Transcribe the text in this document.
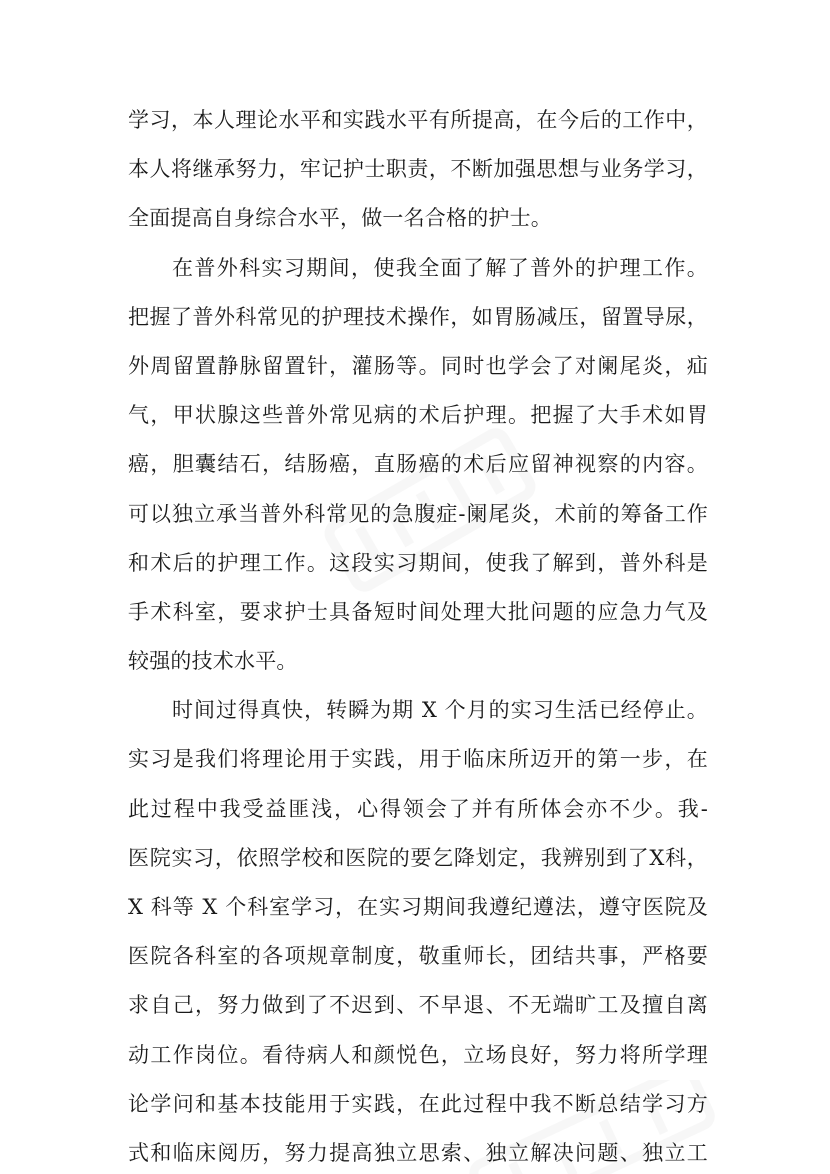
学习，本人理论水平和实践水平有所提高，在今后的工作中，
本人将继承努力，牢记护士职责，不断加强思想与业务学习，
全面提高自身综合水平，做一名合格的护士。
在普外科实习期间，使我全面了解了普外的护理工作。
把握了普外科常见的护理技术操作，如胃肠减压，留置导尿，
外周留置静脉留置针，灌肠等。同时也学会了对阑尾炎，疝
气，甲状腺这些普外常见病的术后护理。把握了大手术如胃
癌，胆囊结石，结肠癌，直肠癌的术后应留神视察的内容。
可以独立承当普外科常见的急腹症-阑尾炎，术前的筹备工作
和术后的护理工作。这段实习期间，使我了解到，普外科是
手术科室，要求护士具备短时间处理大批问题的应急力气及
较强的技术水平。
时间过得真快，转瞬为期 X 个月的实习生活已经停止。
实习是我们将理论用于实践，用于临床所迈开的第一步，在
此过程中我受益匪浅，心得领会了并有所体会亦不少。我-
医院实习，依照学校和医院的要乞降划定，我辨别到了X科，
X 科等 X 个科室学习，在实习期间我遵纪遵法，遵守医院及
医院各科室的各项规章制度，敬重师长，团结共事，严格要
求自己，努力做到了不迟到、不早退、不无端旷工及擅自离
动工作岗位。看待病人和颜悦色，立场良好，努力将所学理
论学问和基本技能用于实践，在此过程中我不断总结学习方
式和临床阅历，努力提高独立思索、独立解决问题、独立工
